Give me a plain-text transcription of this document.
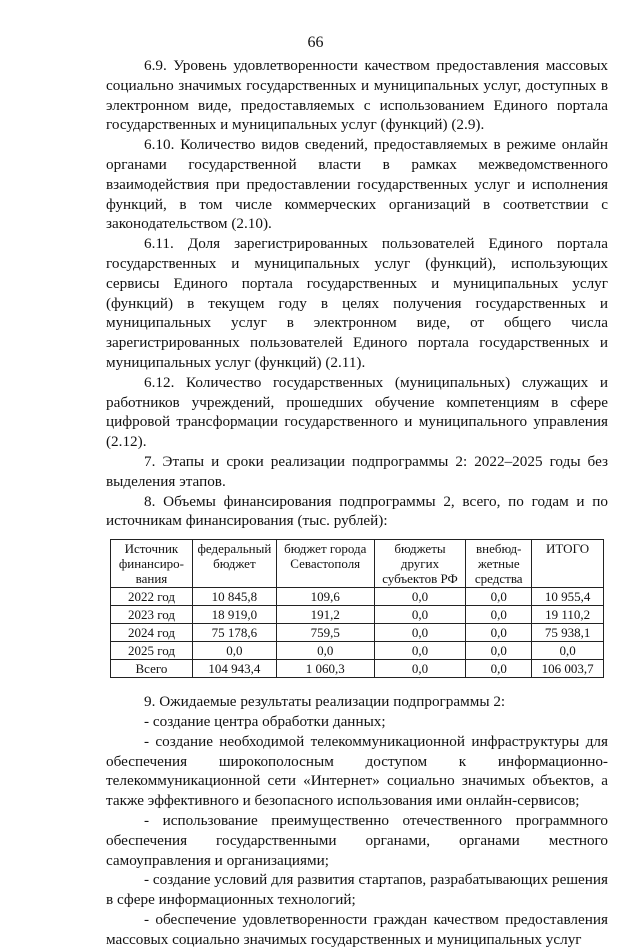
66

6.9. Уровень удовлетворенности качеством предоставления массовых социально значимых государственных и муниципальных услуг, доступных в электронном виде, предоставляемых с использованием Единого портала государственных и муниципальных услуг (функций) (2.9).

6.10. Количество видов сведений, предоставляемых в режиме онлайн органами государственной власти в рамках межведомственного взаимодействия при предоставлении государственных услуг и исполнения функций, в том числе коммерческих организаций в соответствии с законодательством (2.10).

6.11. Доля зарегистрированных пользователей Единого портала государственных и муниципальных услуг (функций), использующих сервисы Единого портала государственных и муниципальных услуг (функций) в текущем году в целях получения государственных и муниципальных услуг в электронном виде, от общего числа зарегистрированных пользователей Единого портала государственных и муниципальных услуг (функций) (2.11).

6.12. Количество государственных (муниципальных) служащих и работников учреждений, прошедших обучение компетенциям в сфере цифровой трансформации государственного и муниципального управления (2.12).

7. Этапы и сроки реализации подпрограммы 2: 2022–2025 годы без выделения этапов.

8. Объемы финансирования подпрограммы 2, всего, по годам и по источникам финансирования (тыс. рублей):

Источник финансиро-вания	федеральный бюджет	бюджет города Севастополя	бюджеты других субъектов РФ	внебюд-жетные средства	ИТОГО
2022 год	10 845,8	109,6	0,0	0,0	10 955,4
2023 год	18 919,0	191,2	0,0	0,0	19 110,2
2024 год	75 178,6	759,5	0,0	0,0	75 938,1
2025 год	0,0	0,0	0,0	0,0	0,0
Всего	104 943,4	1 060,3	0,0	0,0	106 003,7

9. Ожидаемые результаты реализации подпрограммы 2:

- создание центра обработки данных;

- создание необходимой телекоммуникационной инфраструктуры для обеспечения широкополосным доступом к информационно-телекоммуникационной сети «Интернет» социально значимых объектов, а также эффективного и безопасного использования ими онлайн-сервисов;

- использование преимущественно отечественного программного обеспечения государственными органами, органами местного самоуправления и организациями;

- создание условий для развития стартапов, разрабатывающих решения в сфере информационных технологий;

- обеспечение удовлетворенности граждан качеством предоставления массовых социально значимых государственных и муниципальных услуг
